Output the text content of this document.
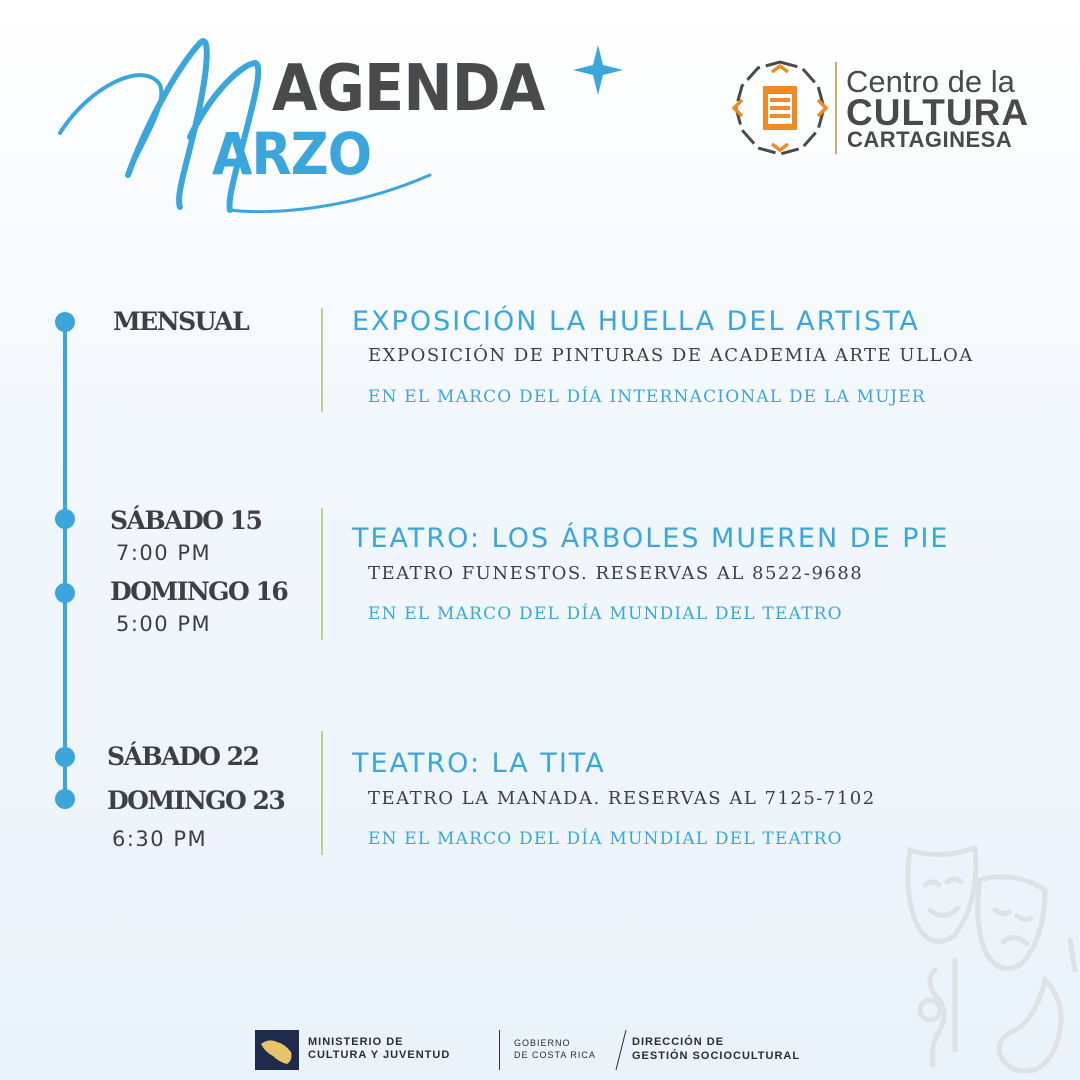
AGENDA
ARZO
Centro de la
CULTURA
CARTAGINESA
MENSUAL	EXPOSICIÓN LA HUELLA DEL ARTISTA
EXPOSICIÓN DE PINTURAS DE ACADEMIA ARTE ULLOA
EN EL MARCO DEL DÍA INTERNACIONAL DE LA MUJER
SÁBADO 15
7:00 PM
DOMINGO 16
5:00 PM
TEATRO: LOS ÁRBOLES MUEREN DE PIE
TEATRO FUNESTOS. RESERVAS AL 8522-9688
EN EL MARCO DEL DÍA MUNDIAL DEL TEATRO
SÁBADO 22
DOMINGO 23
6:30 PM
TEATRO: LA TITA
TEATRO LA MANADA. RESERVAS AL 7125-7102
EN EL MARCO DEL DÍA MUNDIAL DEL TEATRO
MINISTERIO DE
CULTURA Y JUVENTUD
GOBIERNO
DE COSTA RICA
DIRECCIÓN DE
GESTIÓN SOCIOCULTURAL
